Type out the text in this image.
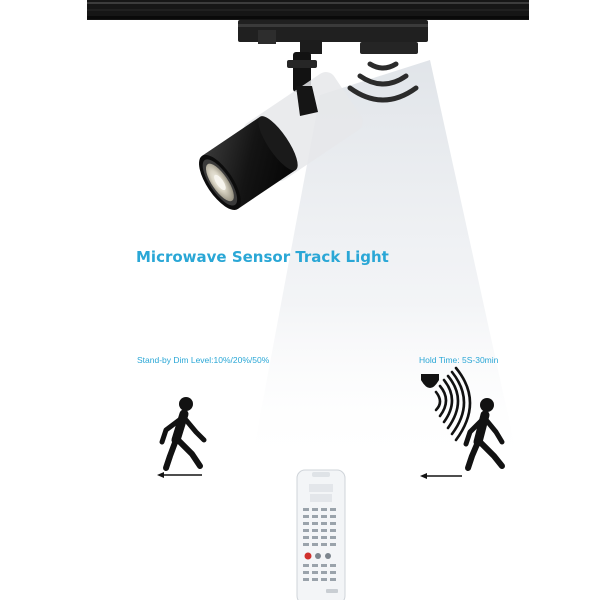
Microwave Sensor Track Light
Stand-by Dim Level:10%/20%/50%	Hold Time: 5S-30min
